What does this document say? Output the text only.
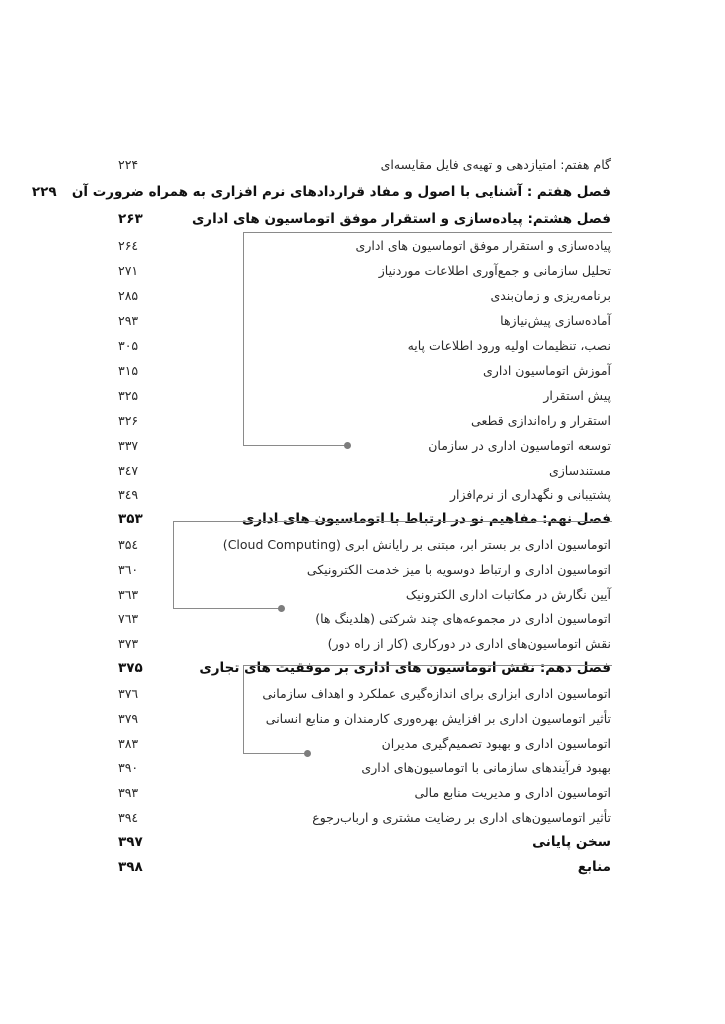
گام هفتم: امتیازدهی و تهیه‌ی فایل مقایسه‌ای
۲۲۴
فصل هفتم : آشنایی با اصول و مفاد قراردادهای نرم افزاری به همراه ضرورت آن
۲۲۹
فصل هشتم: پیاده‌سازی و استقرار موفق اتوماسیون های اداری
۲۶۳
پیاده‌سازی و استقرار موفق اتوماسیون های اداری
۲۶٤
تحلیل سازمانی و جمع‌آوری اطلاعات موردنیاز
۲۷۱
برنامه‌ریزی و زمان‌بندی
۲۸۵
آماده‌سازی پیش‌نیازها
۲۹۳
نصب، تنظیمات اولیه ورود اطلاعات پایه
۳۰۵
آموزش اتوماسیون اداری
۳۱۵
پیش استقرار
۳۲۵
استقرار و راه‌اندازی قطعی
۳۲۶
توسعه اتوماسیون اداری در سازمان
۳۳۷
مستندسازی
۳٤۷
پشتیبانی و نگهداری از نرم‌افزار
۳٤۹
فصل نهم: مفاهیم نو در ارتباط با اتوماسیون های اداری
۳۵۳
اتوماسیون اداری بر بستر ابر، مبتنی بر رایانش ابری (Cloud Computing)
۳۵٤
اتوماسیون اداری و ارتباط دوسویه با میز خدمت الکترونیکی
۳٦۰
آیین نگارش در مکاتبات اداری الکترونیک
۳٦۳
اتوماسیون اداری در مجموعه‌های چند شرکتی (هلدینگ ها)
۷٦۳
نقش اتوماسیون‌های اداری در دورکاری (کار از راه دور)
۳۷۳
فصل دهم: نقش اتوماسیون های اداری بر موفقیت های تجاری
۳۷۵
اتوماسیون اداری ابزاری برای اندازه‌گیری عملکرد و اهداف سازمانی
۳۷٦
تأثیر اتوماسیون اداری بر افزایش بهره‌وری کارمندان و منابع انسانی
۳۷۹
اتوماسیون اداری و بهبود تصمیم‌گیری مدیران
۳۸۳
بهبود فرآیندهای سازمانی با اتوماسیون‌های اداری
۳۹۰
اتوماسیون اداری و مدیریت منابع مالی
۳۹۳
تأثیر اتوماسیون‌های اداری بر رضایت مشتری و ارباب‌رجوع
۳۹٤
سخن پایانی
۳۹۷
منابع
۳۹۸
